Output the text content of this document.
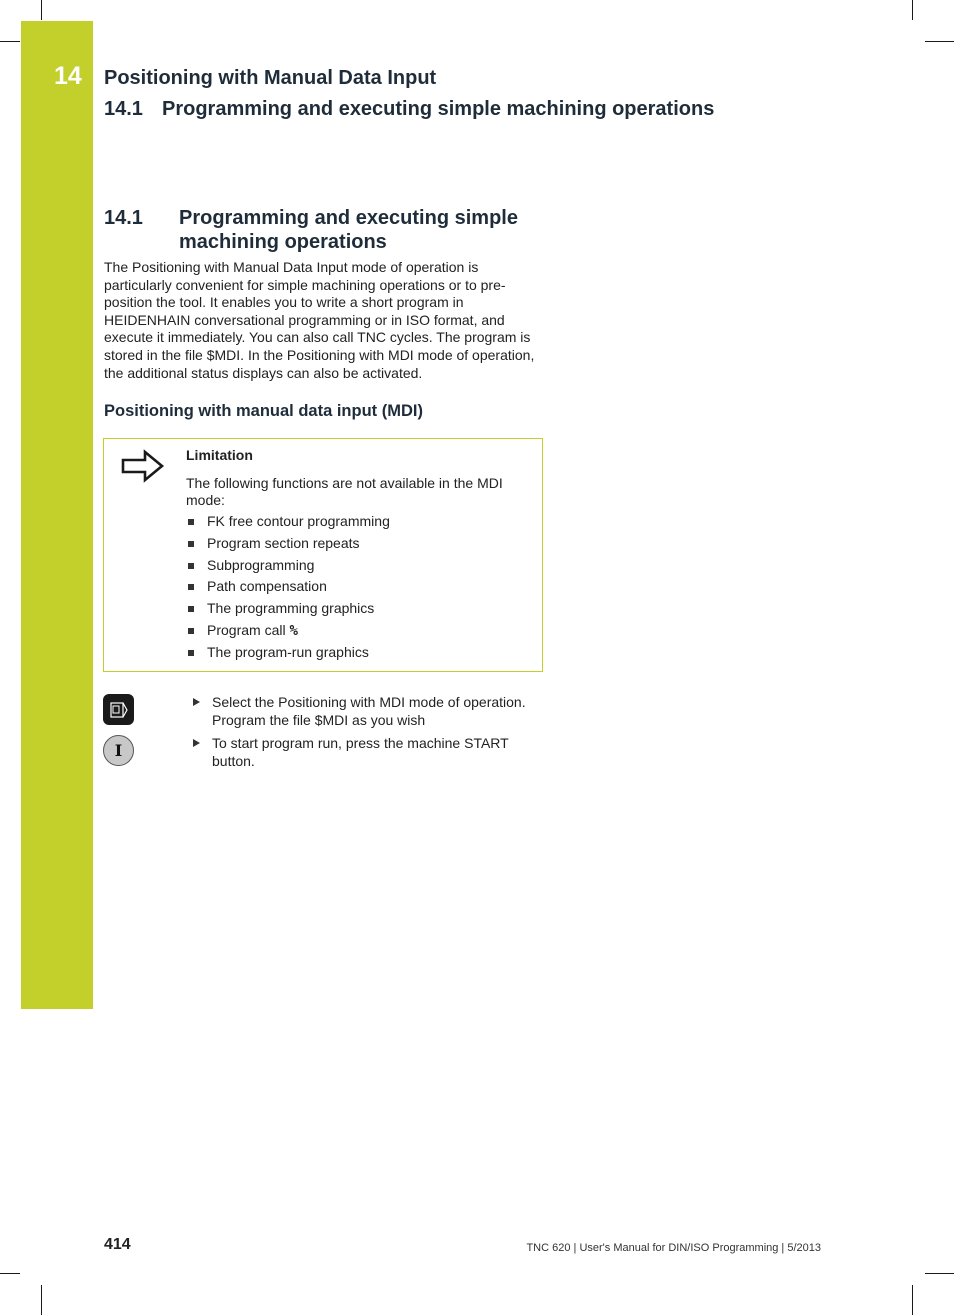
14 Positioning with Manual Data Input
14.1 Programming and executing simple machining operations
14.1 Programming and executing simple
machining operations

The Positioning with Manual Data Input mode of operation is particularly convenient for simple machining operations or to pre-position the tool. It enables you to write a short program in HEIDENHAIN conversational programming or in ISO format, and execute it immediately. You can also call TNC cycles. The program is stored in the file $MDI. In the Positioning with MDI mode of operation, the additional status displays can also be activated.

Positioning with manual data input (MDI)
Limitation
The following functions are not available in the MDI mode:
FK free contour programming
Program section repeats
Subprogramming
Path compensation
The programming graphics
Program call %
The program-run graphics
I
Select the Positioning with MDI mode of operation. Program the file $MDI as you wish
To start program run, press the machine START button.
414	TNC 620 | User's Manual for DIN/ISO Programming | 5/2013
